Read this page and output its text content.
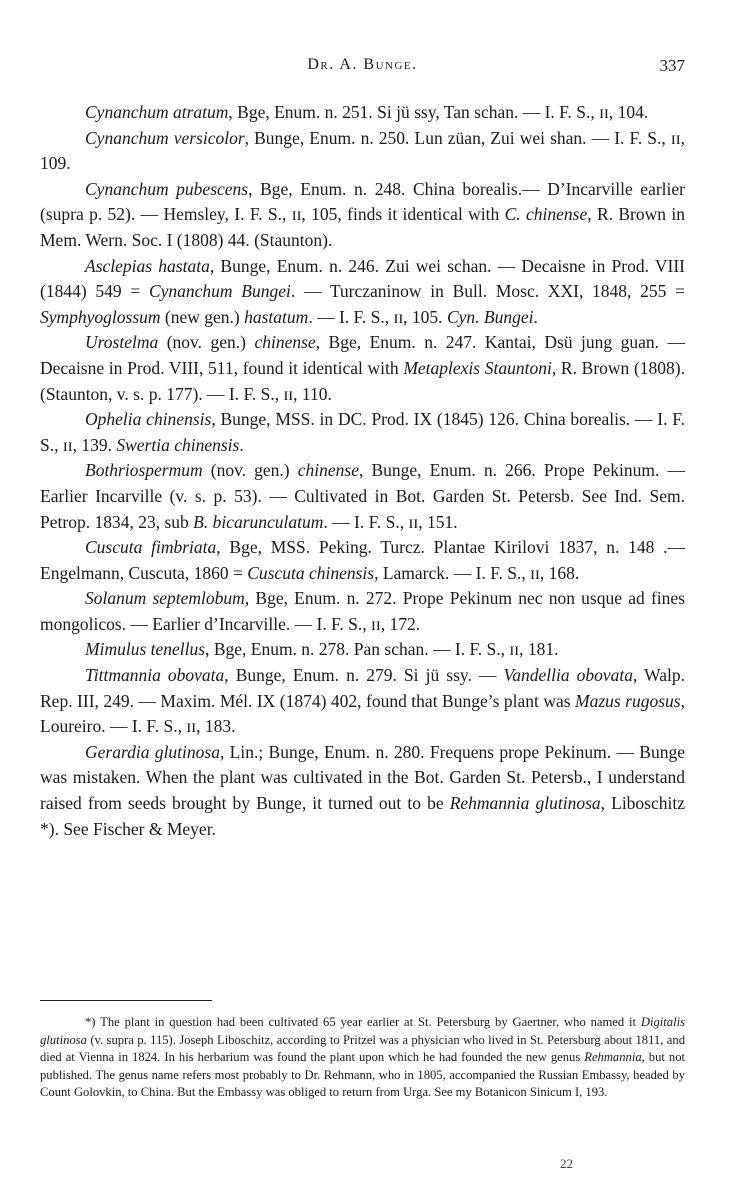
Dr. A. Bunge.	337

Cynanchum atratum, Bge, Enum. n. 251. Si jü ssy, Tan schan. — I. F. S., ɪɪ, 104.

Cynanchum versicolor, Bunge, Enum. n. 250. Lun züan, Zui wei shan. — I. F. S., ɪɪ, 109.

Cynanchum pubescens, Bge, Enum. n. 248. China borealis.— D’Incarville earlier (supra p. 52). — Hemsley, I. F. S., ɪɪ, 105, finds it identical with C. chinense, R. Brown in Mem. Wern. Soc. I (1808) 44. (Staunton).

Asclepias hastata, Bunge, Enum. n. 246. Zui wei schan. — Decaisne in Prod. VIII (1844) 549 = Cynanchum Bungei. — Turczaninow in Bull. Mosc. XXI, 1848, 255 = Symphyoglossum (new gen.) hastatum. — I. F. S., ɪɪ, 105. Cyn. Bungei.

Urostelma (nov. gen.) chinense, Bge, Enum. n. 247. Kantai, Dsü jung guan. — Decaisne in Prod. VIII, 511, found it identical with Metaplexis Stauntoni, R. Brown (1808). (Staunton, v. s. p. 177). — I. F. S., ɪɪ, 110.

Ophelia chinensis, Bunge, MSS. in DC. Prod. IX (1845) 126. China borealis. — I. F. S., ɪɪ, 139. Swertia chinensis.

Bothriospermum (nov. gen.) chinense, Bunge, Enum. n. 266. Prope Pekinum. — Earlier Incarville (v. s. p. 53). — Cultivated in Bot. Garden St. Petersb. See Ind. Sem. Petrop. 1834, 23, sub B. bicarunculatum. — I. F. S., ɪɪ, 151.

Cuscuta fimbriata, Bge, MSS. Peking. Turcz. Plantae Kirilovi 1837, n. 148 .— Engelmann, Cuscuta, 1860 = Cuscuta chinensis, Lamarck. — I. F. S., ɪɪ, 168.

Solanum septemlobum, Bge, Enum. n. 272. Prope Pekinum nec non usque ad fines mongolicos. — Earlier d’Incarville. — I. F. S., ɪɪ, 172.

Mimulus tenellus, Bge, Enum. n. 278. Pan schan. — I. F. S., ɪɪ, 181.

Tittmannia obovata, Bunge, Enum. n. 279. Si jü ssy. — Vandellia obovata, Walp. Rep. III, 249. — Maxim. Mél. IX (1874) 402, found that Bunge’s plant was Mazus rugosus, Loureiro. — I. F. S., ɪɪ, 183.

Gerardia glutinosa, Lin.; Bunge, Enum. n. 280. Frequens prope Pekinum. — Bunge was mistaken. When the plant was cultivated in the Bot. Garden St. Petersb., I understand raised from seeds brought by Bunge, it turned out to be Rehmannia glutinosa, Liboschitz *). See Fischer & Meyer.

*) The plant in question had been cultivated 65 year earlier at St. Petersburg by Gaertner, who named it Digitalis glutinosa (v. supra p. 115). Joseph Liboschitz, according to Pritzel was a physician who lived in St. Petersburg about 1811, and died at Vienna in 1824. In his herbarium was found the plant upon which he had founded the new genus Rehmannia, but not published. The genus name refers most probably to Dr. Rehmann, who in 1805, accompanied the Russian Embassy, headed by Count Golovkin, to China. But the Embassy was obliged to return from Urga. See my Botanicon Sinicum I, 193.

22
